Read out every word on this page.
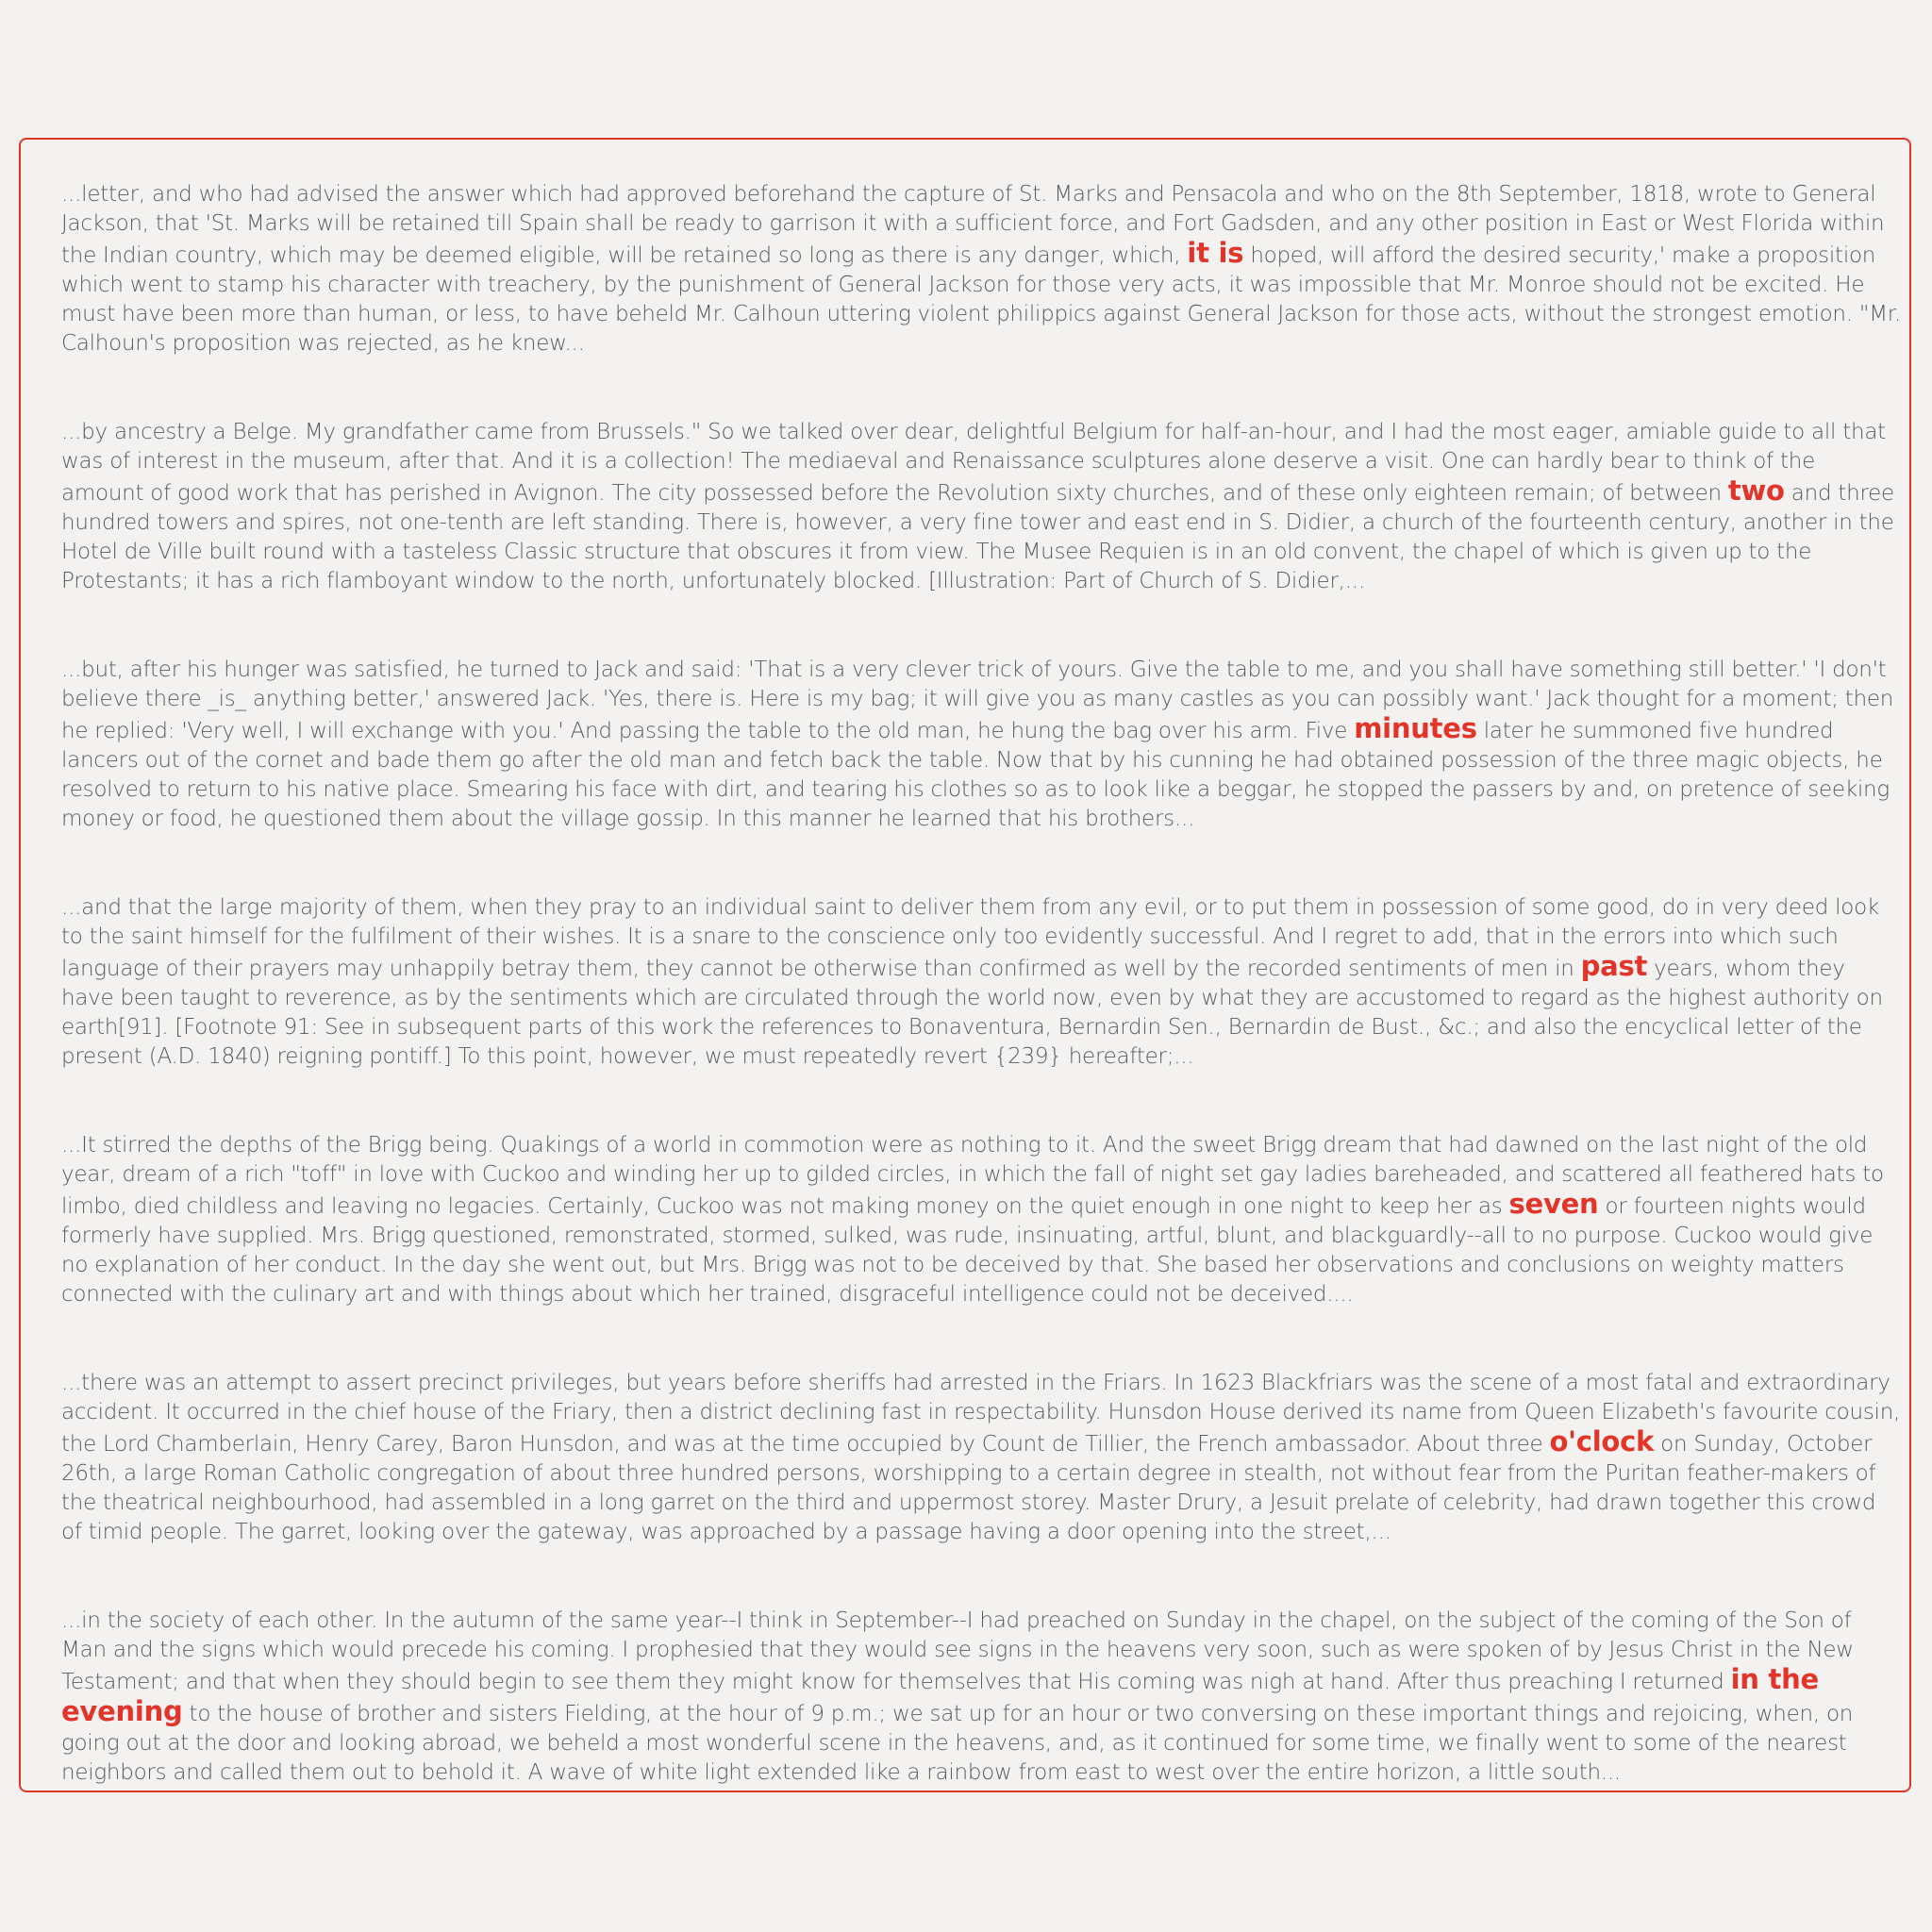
...letter, and who had advised the answer which had approved beforehand the capture of St. Marks and Pensacola and who on the 8th September, 1818, wrote to General Jackson, that 'St. Marks will be retained till Spain shall be ready to garrison it with a sufficient force, and Fort Gadsden, and any other position in East or West Florida within the Indian country, which may be deemed eligible, will be retained so long as there is any danger, which, it is hoped, will afford the desired security,' make a proposition which went to stamp his character with treachery, by the punishment of General Jackson for those very acts, it was impossible that Mr. Monroe should not be excited. He must have been more than human, or less, to have beheld Mr. Calhoun uttering violent philippics against General Jackson for those acts, without the strongest emotion. "Mr. Calhoun's proposition was rejected, as he knew...

...by ancestry a Belge. My grandfather came from Brussels." So we talked over dear, delightful Belgium for half-an-hour, and I had the most eager, amiable guide to all that was of interest in the museum, after that. And it is a collection! The mediaeval and Renaissance sculptures alone deserve a visit. One can hardly bear to think of the amount of good work that has perished in Avignon. The city possessed before the Revolution sixty churches, and of these only eighteen remain; of between two and three hundred towers and spires, not one-tenth are left standing. There is, however, a very fine tower and east end in S. Didier, a church of the fourteenth century, another in the Hotel de Ville built round with a tasteless Classic structure that obscures it from view. The Musee Requien is in an old convent, the chapel of which is given up to the Protestants; it has a rich flamboyant window to the north, unfortunately blocked. [Illustration: Part of Church of S. Didier,...

...but, after his hunger was satisfied, he turned to Jack and said: 'That is a very clever trick of yours. Give the table to me, and you shall have something still better.' 'I don't believe there _is_ anything better,' answered Jack. 'Yes, there is. Here is my bag; it will give you as many castles as you can possibly want.' Jack thought for a moment; then he replied: 'Very well, I will exchange with you.' And passing the table to the old man, he hung the bag over his arm. Five minutes later he summoned five hundred lancers out of the cornet and bade them go after the old man and fetch back the table. Now that by his cunning he had obtained possession of the three magic objects, he resolved to return to his native place. Smearing his face with dirt, and tearing his clothes so as to look like a beggar, he stopped the passers by and, on pretence of seeking money or food, he questioned them about the village gossip. In this manner he learned that his brothers...

...and that the large majority of them, when they pray to an individual saint to deliver them from any evil, or to put them in possession of some good, do in very deed look to the saint himself for the fulfilment of their wishes. It is a snare to the conscience only too evidently successful. And I regret to add, that in the errors into which such language of their prayers may unhappily betray them, they cannot be otherwise than confirmed as well by the recorded sentiments of men in past years, whom they have been taught to reverence, as by the sentiments which are circulated through the world now, even by what they are accustomed to regard as the highest authority on earth[91]. [Footnote 91: See in subsequent parts of this work the references to Bonaventura, Bernardin Sen., Bernardin de Bust., &c.; and also the encyclical letter of the present (A.D. 1840) reigning pontiff.] To this point, however, we must repeatedly revert {239} hereafter;...

...It stirred the depths of the Brigg being. Quakings of a world in commotion were as nothing to it. And the sweet Brigg dream that had dawned on the last night of the old year, dream of a rich "toff" in love with Cuckoo and winding her up to gilded circles, in which the fall of night set gay ladies bareheaded, and scattered all feathered hats to limbo, died childless and leaving no legacies. Certainly, Cuckoo was not making money on the quiet enough in one night to keep her as seven or fourteen nights would formerly have supplied. Mrs. Brigg questioned, remonstrated, stormed, sulked, was rude, insinuating, artful, blunt, and blackguardly--all to no purpose. Cuckoo would give no explanation of her conduct. In the day she went out, but Mrs. Brigg was not to be deceived by that. She based her observations and conclusions on weighty matters connected with the culinary art and with things about which her trained, disgraceful intelligence could not be deceived....

...there was an attempt to assert precinct privileges, but years before sheriffs had arrested in the Friars. In 1623 Blackfriars was the scene of a most fatal and extraordinary accident. It occurred in the chief house of the Friary, then a district declining fast in respectability. Hunsdon House derived its name from Queen Elizabeth's favourite cousin, the Lord Chamberlain, Henry Carey, Baron Hunsdon, and was at the time occupied by Count de Tillier, the French ambassador. About three o'clock on Sunday, October 26th, a large Roman Catholic congregation of about three hundred persons, worshipping to a certain degree in stealth, not without fear from the Puritan feather-makers of the theatrical neighbourhood, had assembled in a long garret on the third and uppermost storey. Master Drury, a Jesuit prelate of celebrity, had drawn together this crowd of timid people. The garret, looking over the gateway, was approached by a passage having a door opening into the street,...

...in the society of each other. In the autumn of the same year--I think in September--I had preached on Sunday in the chapel, on the subject of the coming of the Son of Man and the signs which would precede his coming. I prophesied that they would see signs in the heavens very soon, such as were spoken of by Jesus Christ in the New Testament; and that when they should begin to see them they might know for themselves that His coming was nigh at hand. After thus preaching I returned in the evening to the house of brother and sisters Fielding, at the hour of 9 p.m.; we sat up for an hour or two conversing on these important things and rejoicing, when, on going out at the door and looking abroad, we beheld a most wonderful scene in the heavens, and, as it continued for some time, we finally went to some of the nearest neighbors and called them out to behold it. A wave of white light extended like a rainbow from east to west over the entire horizon, a little south...
